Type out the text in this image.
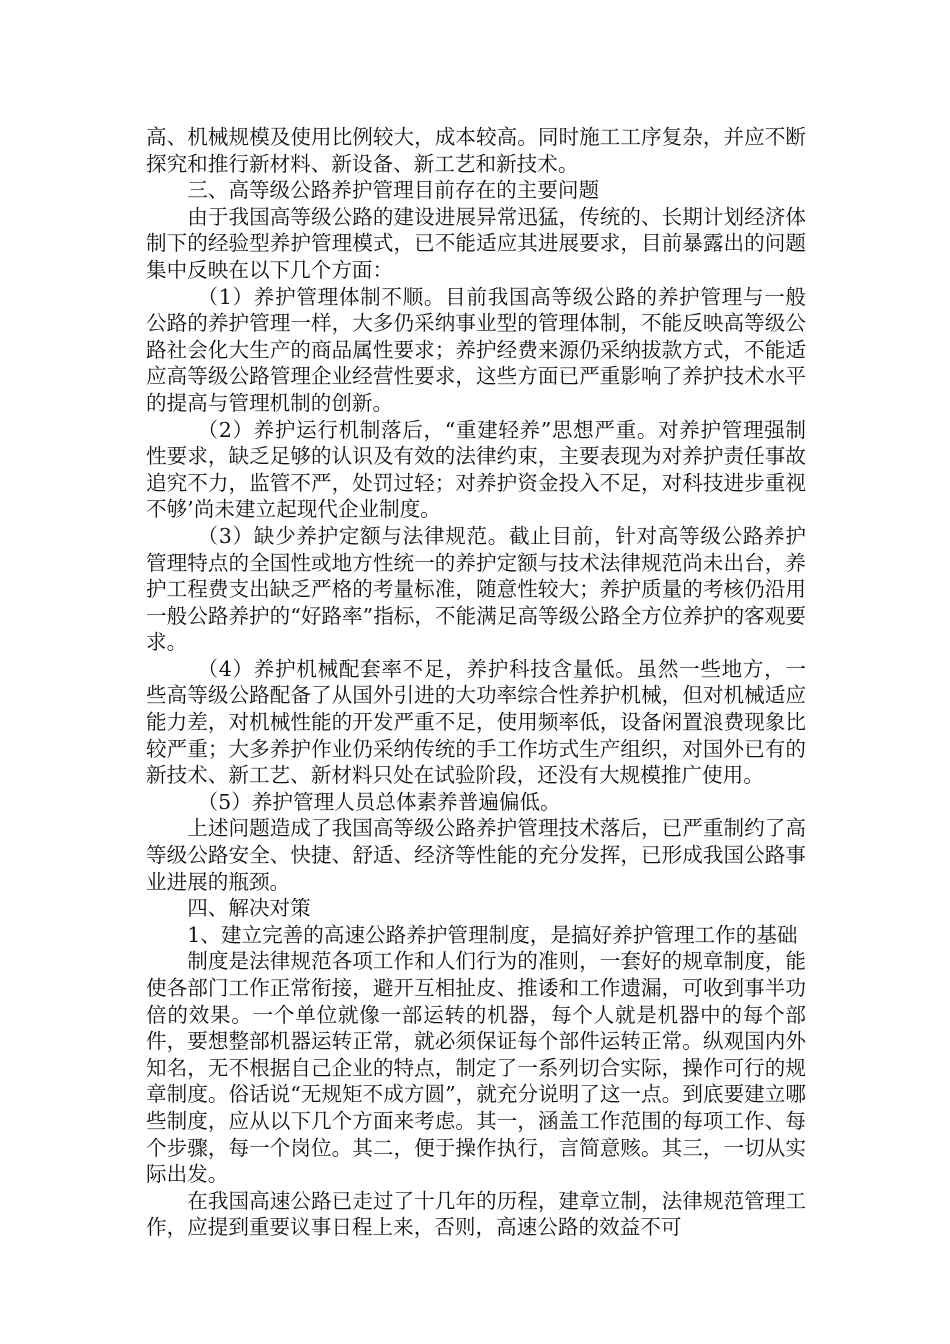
高、机械规模及使用比例较大，成本较高。同时施工工序复杂，并应不断探究和推行新材料、新设备、新工艺和新技术。

三、高等级公路养护管理目前存在的主要问题

由于我国高等级公路的建设进展异常迅猛，传统的、长期计划经济体制下的经验型养护管理模式，已不能适应其进展要求，目前暴露出的问题集中反映在以下几个方面：

（1）养护管理体制不顺。目前我国高等级公路的养护管理与一般公路的养护管理一样，大多仍采纳事业型的管理体制，不能反映高等级公路社会化大生产的商品属性要求；养护经费来源仍采纳拔款方式，不能适应高等级公路管理企业经营性要求，这些方面已严重影响了养护技术水平的提高与管理机制的创新。

（2）养护运行机制落后，“重建轻养”思想严重。对养护管理强制性要求，缺乏足够的认识及有效的法律约束，主要表现为对养护责任事故追究不力，监管不严，处罚过轻；对养护资金投入不足，对科技进步重视不够’尚未建立起现代企业制度。

（3）缺少养护定额与法律规范。截止目前，针对高等级公路养护管理特点的全国性或地方性统一的养护定额与技术法律规范尚未出台，养护工程费支出缺乏严格的考量标准，随意性较大；养护质量的考核仍沿用一般公路养护的“好路率”指标，不能满足高等级公路全方位养护的客观要求。

（4）养护机械配套率不足，养护科技含量低。虽然一些地方，一些高等级公路配备了从国外引进的大功率综合性养护机械，但对机械适应能力差，对机械性能的开发严重不足，使用频率低，设备闲置浪费现象比较严重；大多养护作业仍采纳传统的手工作坊式生产组织，对国外已有的新技术、新工艺、新材料只处在试验阶段，还没有大规模推广使用。

（5）养护管理人员总体素养普遍偏低。

上述问题造成了我国高等级公路养护管理技术落后，已严重制约了高等级公路安全、快捷、舒适、经济等性能的充分发挥，已形成我国公路事业进展的瓶颈。

四、解决对策

1、建立完善的高速公路养护管理制度，是搞好养护管理工作的基础

制度是法律规范各项工作和人们行为的准则，一套好的规章制度，能使各部门工作正常衔接，避开互相扯皮、推诿和工作遗漏，可收到事半功倍的效果。一个单位就像一部运转的机器，每个人就是机器中的每个部件，要想整部机器运转正常，就必须保证每个部件运转正常。纵观国内外知名，无不根据自己企业的特点，制定了一系列切合实际，操作可行的规章制度。俗话说“无规矩不成方圆”，就充分说明了这一点。到底要建立哪些制度，应从以下几个方面来考虑。其一，涵盖工作范围的每项工作、每个步骤，每一个岗位。其二，便于操作执行，言简意赅。其三，一切从实际出发。

在我国高速公路已走过了十几年的历程，建章立制，法律规范管理工作，应提到重要议事日程上来，否则，高速公路的效益不可
